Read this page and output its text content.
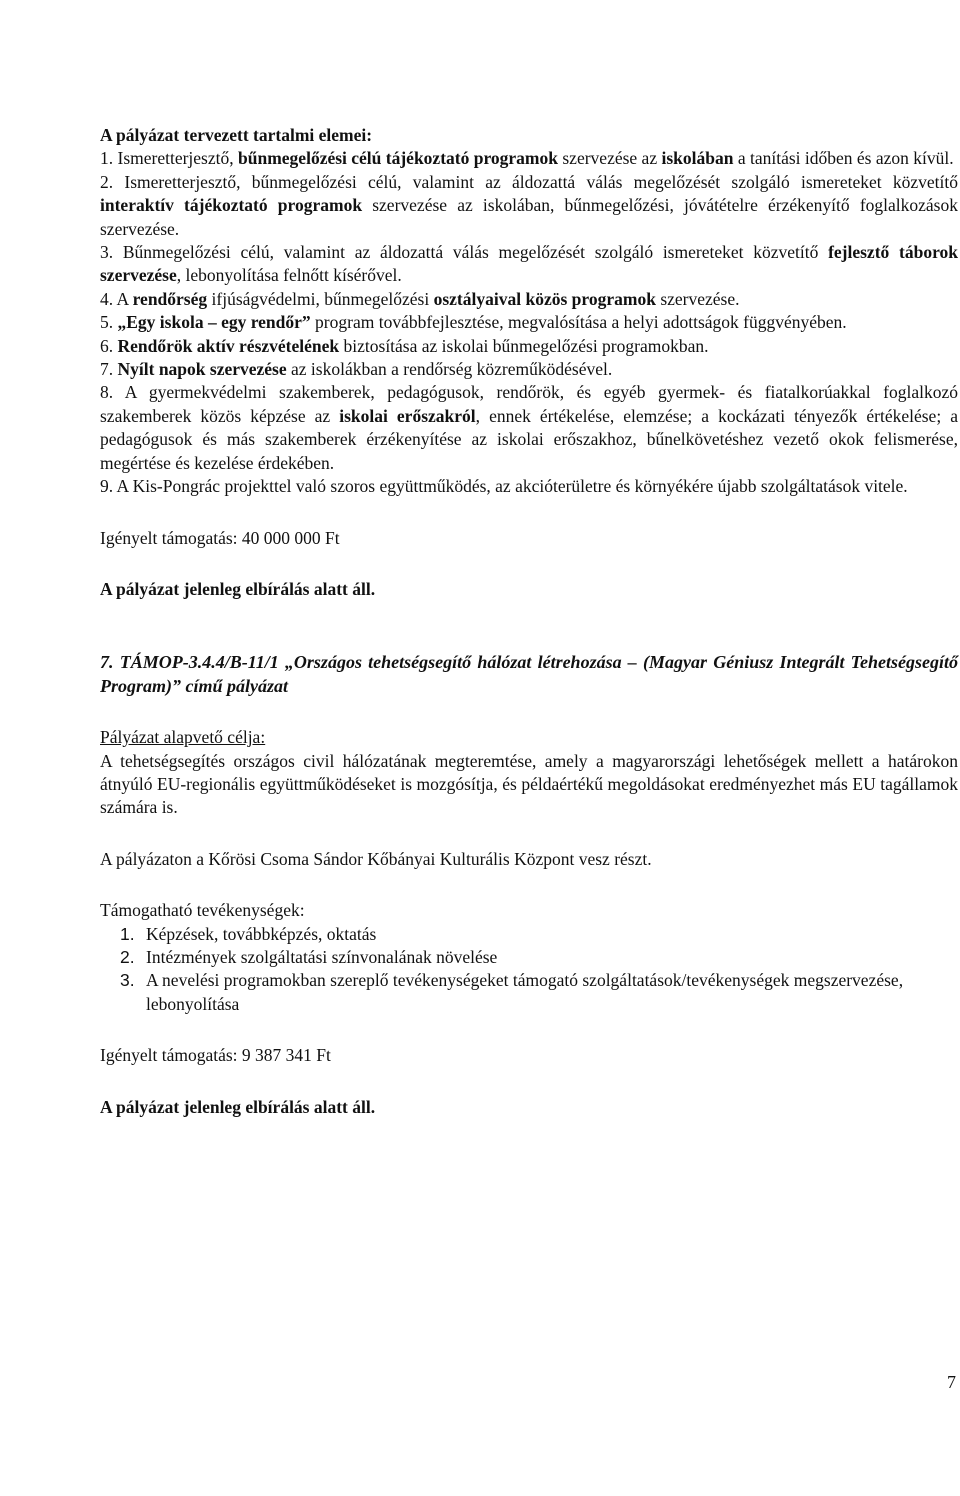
A pályázat tervezett tartalmi elemei:

1. Ismeretterjesztő, bűnmegelőzési célú tájékoztató programok szervezése az iskolában a tanítási időben és azon kívül.

2. Ismeretterjesztő, bűnmegelőzési célú, valamint az áldozattá válás megelőzését szolgáló ismereteket közvetítő interaktív tájékoztató programok szervezése az iskolában, bűnmegelőzési, jóvátételre érzékenyítő foglalkozások szervezése.

3. Bűnmegelőzési célú, valamint az áldozattá válás megelőzését szolgáló ismereteket közvetítő fejlesztő táborok szervezése, lebonyolítása felnőtt kísérővel.

4. A rendőrség ifjúságvédelmi, bűnmegelőzési osztályaival közös programok szervezése.

5. „Egy iskola – egy rendőr” program továbbfejlesztése, megvalósítása a helyi adottságok függvényében.

6. Rendőrök aktív részvételének biztosítása az iskolai bűnmegelőzési programokban.

7. Nyílt napok szervezése az iskolákban a rendőrség közreműködésével.

8. A gyermekvédelmi szakemberek, pedagógusok, rendőrök, és egyéb gyermek- és fiatalkorúakkal foglalkozó szakemberek közös képzése az iskolai erőszakról, ennek értékelése, elemzése; a kockázati tényezők értékelése; a pedagógusok és más szakemberek érzékenyítése az iskolai erőszakhoz, bűnelkövetéshez vezető okok felismerése, megértése és kezelése érdekében.

9. A Kis-Pongrác projekttel való szoros együttműködés, az akcióterületre és környékére újabb szolgáltatások vitele.

Igényelt támogatás: 40 000 000 Ft

A pályázat jelenleg elbírálás alatt áll.

7. TÁMOP-3.4.4/B-11/1 „Országos tehetségsegítő hálózat létrehozása – (Magyar Géniusz Integrált Tehetségsegítő Program)” című pályázat

Pályázat alapvető célja:

A tehetségsegítés országos civil hálózatának megteremtése, amely a magyarországi lehetőségek mellett a határokon átnyúló EU-regionális együttműködéseket is mozgósítja, és példaértékű megoldásokat eredményezhet más EU tagállamok számára is.

A pályázaton a Kőrösi Csoma Sándor Kőbányai Kulturális Központ vesz részt.

Támogatható tevékenységek:

1. Képzések, továbbképzés, oktatás
2. Intézmények szolgáltatási színvonalának növelése
3. A nevelési programokban szereplő tevékenységeket támogató szolgáltatások/tevékenységek megszervezése, lebonyolítása

Igényelt támogatás: 9 387 341 Ft

A pályázat jelenleg elbírálás alatt áll.

7
